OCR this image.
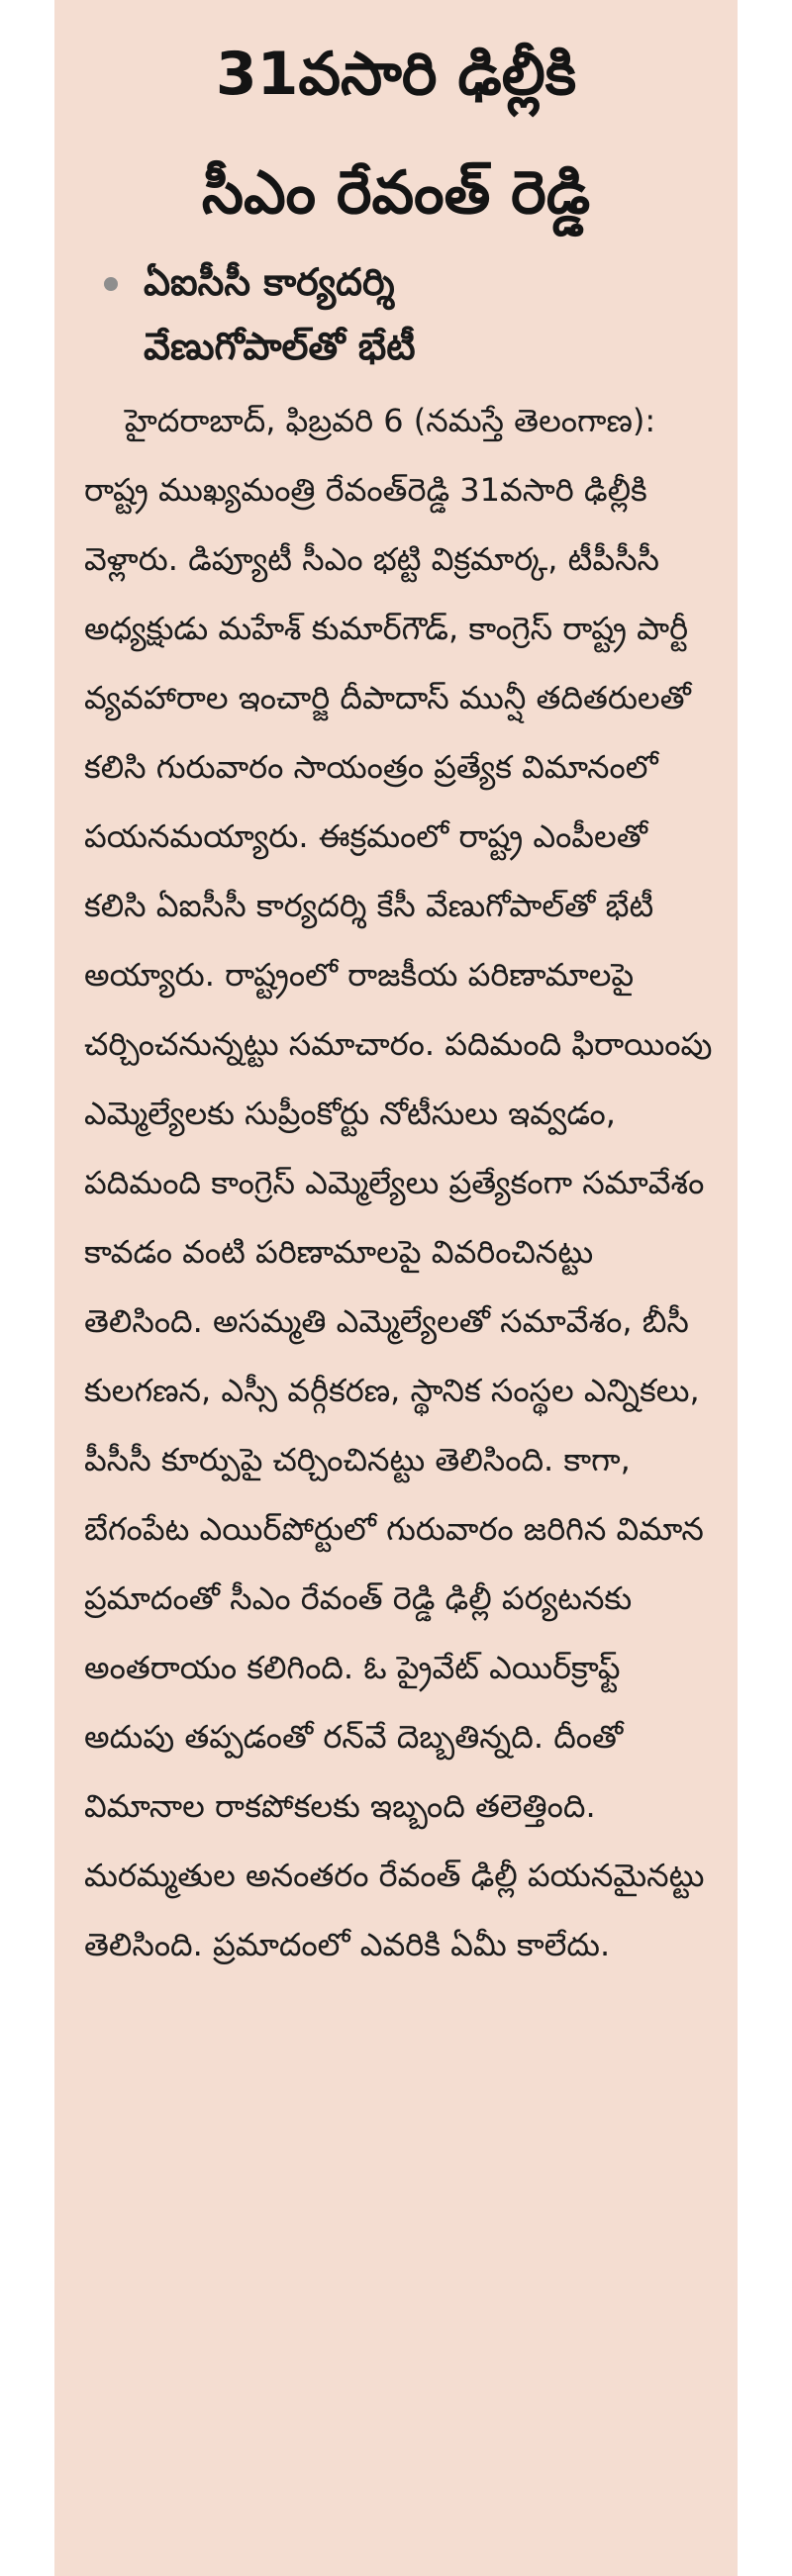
31వసారి ఢిల్లీకి
సీఎం రేవంత్ రెడ్డి
ఏఐసీసీ కార్యదర్శి
వేణుగోపాల్‌తో భేటీ
హైదరాబాద్, ఫిబ్రవరి 6 (నమస్తే తెలంగాణ): రాష్ట్ర ముఖ్యమంత్రి రేవంత్‌రెడ్డి 31వసారి ఢిల్లీకి వెళ్లారు. డిప్యూటీ సీఎం భట్టి విక్రమార్క, టీపీసీసీ అధ్యక్షుడు మహేశ్ కుమార్‌గౌడ్, కాంగ్రెస్ రాష్ట్ర పార్టీ వ్యవహారాల ఇంచార్జి దీపాదాస్ మున్షీ తదితరులతో కలిసి గురువారం సాయంత్రం ప్రత్యేక విమానంలో పయనమయ్యారు. ఈక్రమంలో రాష్ట్ర ఎంపీలతో కలిసి ఏఐసీసీ కార్యదర్శి కేసీ వేణుగోపాల్‌తో భేటీ అయ్యారు. రాష్ట్రంలో రాజకీయ పరిణామాలపై చర్చించనున్నట్టు సమాచారం. పదిమంది ఫిరాయింపు ఎమ్మెల్యేలకు సుప్రీంకోర్టు నోటీసులు ఇవ్వడం, పదిమంది కాంగ్రెస్ ఎమ్మెల్యేలు ప్రత్యేకంగా సమావేశం కావడం వంటి పరిణామాలపై వివరించినట్టు తెలిసింది. అసమ్మతి ఎమ్మెల్యేలతో సమావేశం, బీసీ కులగణన, ఎస్సీ వర్గీకరణ, స్థానిక సంస్థల ఎన్నికలు, పీసీసీ కూర్పుపై చర్చించినట్టు తెలిసింది. కాగా, బేగంపేట ఎయిర్‌పోర్టులో గురువారం జరిగిన విమాన ప్రమాదంతో సీఎం రేవంత్ రెడ్డి ఢిల్లీ పర్యటనకు అంతరాయం కలిగింది. ఓ ప్రైవేట్ ఎయిర్‌క్రాఫ్ట్ అదుపు తప్పడంతో రన్‌వే దెబ్బతిన్నది. దీంతో విమానాల రాకపోకలకు ఇబ్బంది తలెత్తింది. మరమ్మతుల అనంతరం రేవంత్ ఢిల్లీ పయనమైనట్టు తెలిసింది. ప్రమాదంలో ఎవరికి ఏమీ కాలేదు.
